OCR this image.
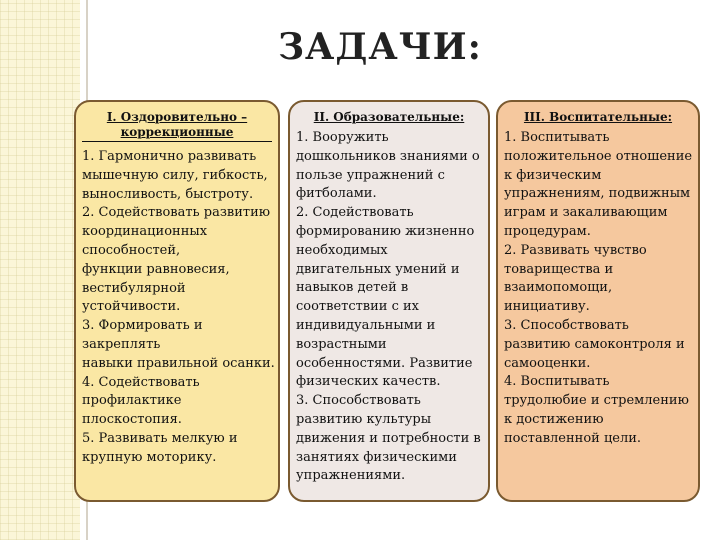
ЗАДАЧИ:
I. Оздоровительно – коррекционные
1. Гармонично развивать
мышечную силу, гибкость,
выносливость, быстроту.
2. Содействовать развитию
координационных
способностей,
функции равновесия,
вестибулярной
устойчивости.
3. Формировать и
закреплять
навыки правильной осанки.
4. Содействовать
профилактике
плоскостопия.
5. Развивать мелкую и
крупную моторику.
II. Образовательные:
1. Вооружить
дошкольников знаниями о
пользе упражнений с
фитболами.
2. Содействовать
формированию жизненно
необходимых
двигательных умений и
навыков детей в
соответствии с их
индивидуальными и
возрастными
особенностями. Развитие
физических качеств.
3. Способствовать
развитию культуры
движения и потребности в
занятиях физическими
упражнениями.
III. Воспитательные:
1. Воспитывать
положительное отношение
к физическим
упражнениям, подвижным
играм и закаливающим
процедурам.
2. Развивать чувство
товарищества и
взаимопомощи,
инициативу.
3. Способствовать
развитию самоконтроля и
самооценки.
4. Воспитывать
трудолюбие и стремлению
к достижению
поставленной цели.
